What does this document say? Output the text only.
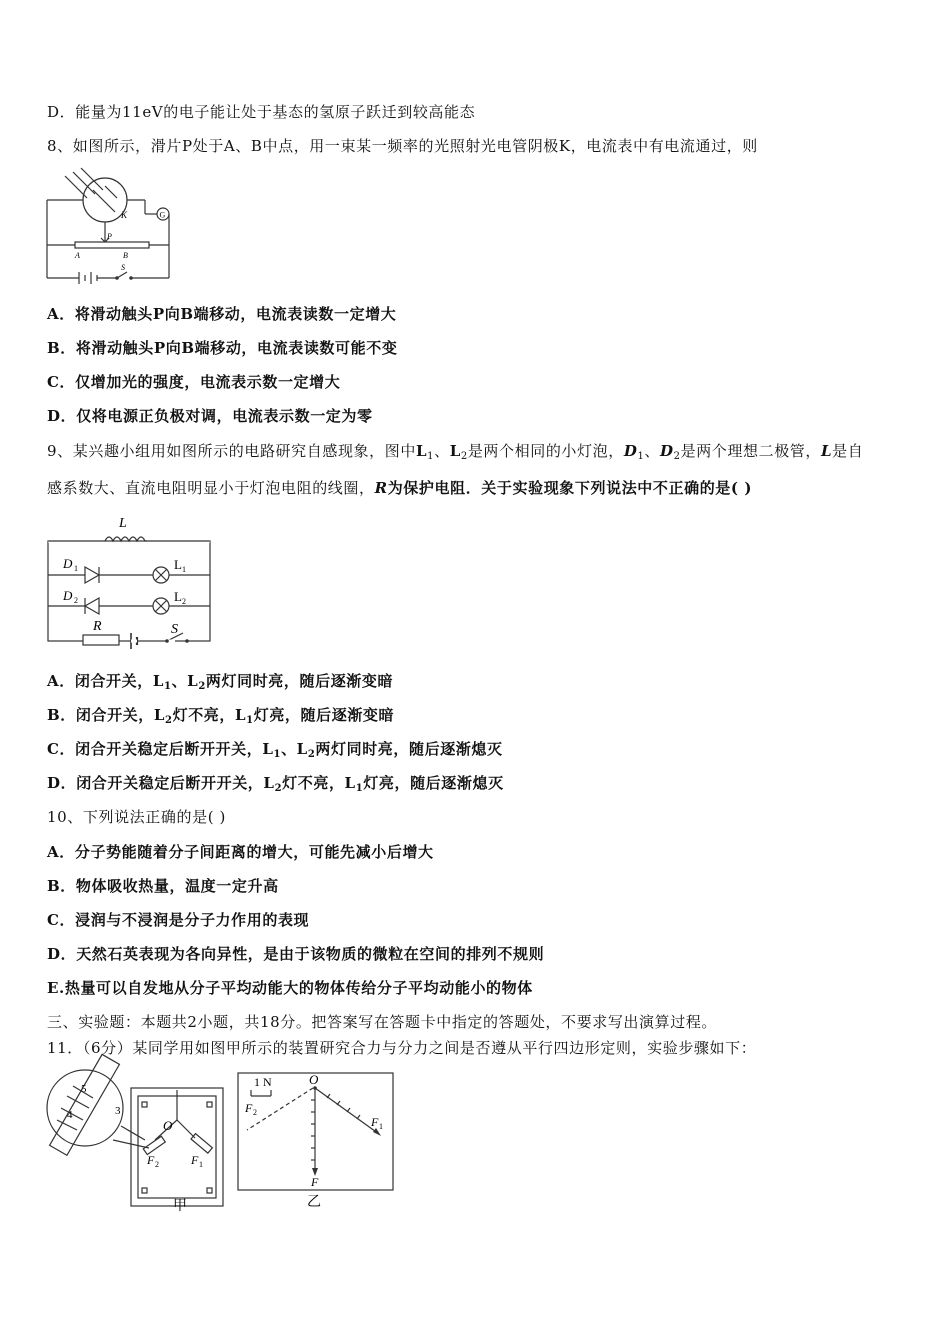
D．能量为11eV的电子能让处于基态的氢原子跃迁到较高能态
8、如图所示，滑片P处于A、B中点，用一束某一频率的光照射光电管阴极K，电流表中有电流通过，则
K	G
P
A	B
S
A．将滑动触头P向B端移动，电流表读数一定增大
B．将滑动触头P向B端移动，电流表读数可能不变
C．仅增加光的强度，电流表示数一定增大
D．仅将电源正负极对调，电流表示数一定为零
9、某兴趣小组用如图所示的电路研究自感现象，图中$L_1$、$L_2$是两个相同的小灯泡，$D_1$、$D_2$是两个理想二极管，L是自
感系数大、直流电阻明显小于灯泡电阻的线圈，R为保护电阻．关于实验现象下列说法中不正确的是( )
L
D 1
D 2
L 1
L 2
R	S
A．闭合开关，$L_1$、$L_2$两灯同时亮，随后逐渐变暗
B．闭合开关，$L_2$灯不亮，$L_1$灯亮，随后逐渐变暗
C．闭合开关稳定后断开开关，$L_1$、$L_2$两灯同时亮，随后逐渐熄灭
D．闭合开关稳定后断开开关，$L_2$灯不亮，$L_1$灯亮，随后逐渐熄灭
10、下列说法正确的是( )
A．分子势能随着分子间距离的增大，可能先减小后增大
B．物体吸收热量，温度一定升高
C．浸润与不浸润是分子力作用的表现
D．天然石英表现为各向异性，是由于该物质的微粒在空间的排列不规则
E.热量可以自发地从分子平均动能大的物体传给分子平均动能小的物体
三、实验题：本题共2小题，共18分。把答案写在答题卡中指定的答题处，不要求写出演算过程。
11．（6分）某同学用如图甲所示的装置研究合力与分力之间是否遵从平行四边形定则，实验步骤如下：
5
4	3
O
F 2	F 1
甲
1 N	O
F 2
F 1
F
乙
